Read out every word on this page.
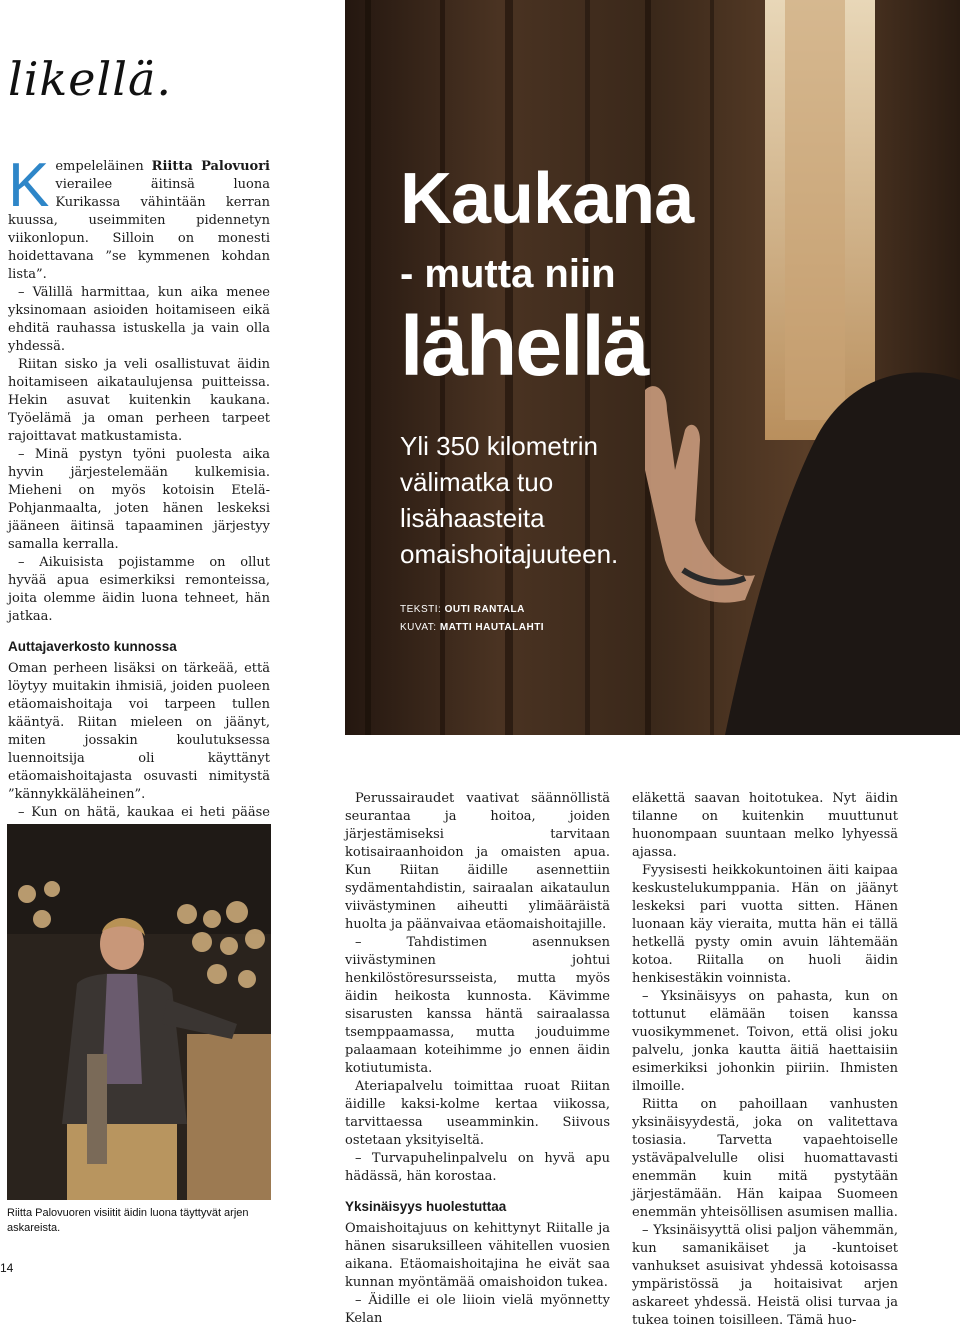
likellä.

Kempeleläinen Riitta Palovuori vierailee äitinsä luona Kurikassa vähintään kerran kuussa, useimmiten pidennetyn viikonlopun. Silloin on monesti hoidettavana ”se kymmenen kohdan lista”.

– Välillä harmittaa, kun aika menee yksinomaan asioiden hoitamiseen eikä ehditä rauhassa istuskella ja vain olla yhdessä.

Riitan sisko ja veli osallistuvat äidin hoitamiseen aikataulujensa puitteissa. Hekin asuvat kuitenkin kaukana. Työelämä ja oman perheen tarpeet rajoittavat matkustamista.

– Minä pystyn työni puolesta aika hyvin järjestelemään kulkemisia. Mieheni on myös kotoisin Etelä-Pohjanmaalta, joten hänen leskeksi jääneen äitinsä tapaaminen järjestyy samalla kerralla.

– Aikuisista pojistamme on ollut hyvää apua esimerkiksi remonteissa, joita olemme äidin luona tehneet, hän jatkaa.

Auttajaverkosto kunnossa

Oman perheen lisäksi on tärkeää, että löytyy muitakin ihmisiä, joiden puoleen etäomaishoitaja voi tarpeen tullen kääntyä. Riitan mieleen on jäänyt, miten jossakin koulutuksessa luennoitsija oli käyttänyt etäomaishoitajasta osuvasti nimitystä ”kännykkäläheinen”.

– Kun on hätä, kaukaa ei heti pääse

Kaukana
- mutta niin
lähellä
Yli 350 kilometrin välimatka tuo lisähaasteita omaishoitajuuteen.
TEKSTI: OUTI RANTALA
KUVAT: MATTI HAUTALAHTI
Riitta Palovuoren visiitit äidin luona täyttyvät arjen askareista.

Perussairaudet vaativat säännöllistä seurantaa ja hoitoa, joiden järjestämiseksi tarvitaan kotisairaanhoidon ja omaisten apua. Kun Riitan äidille asennettiin sydämentahdistin, sairaalan aikataulun viivästyminen aiheutti ylimääräistä huolta ja päänvaivaa etäomaishoitajille.

– Tahdistimen asennuksen viivästyminen johtui henkilöstöresursseista, mutta myös äidin heikosta kunnosta. Kävimme sisarusten kanssa häntä sairaalassa tsemppaamassa, mutta jouduimme palaamaan koteihimme jo ennen äidin kotiutumista.

Ateriapalvelu toimittaa ruoat Riitan äidille kaksi-kolme kertaa viikossa, tarvittaessa useamminkin. Siivous ostetaan yksityiseltä.

– Turvapuhelinpalvelu on hyvä apu hädässä, hän korostaa.

Yksinäisyys huolestuttaa

Omaishoitajuus on kehittynyt Riitalle ja hänen sisaruksilleen vähitellen vuosien aikana. Etäomaishoitajina he eivät saa kunnan myöntämää omaishoidon tukea.

– Äidille ei ole liioin vielä myönnetty Kelan

eläkettä saavan hoitotukea. Nyt äidin tilanne on kuitenkin muuttunut huonompaan suuntaan melko lyhyessä ajassa.

Fyysisesti heikkokuntoinen äiti kaipaa keskustelukumppania. Hän on jäänyt leskeksi pari vuotta sitten. Hänen luonaan käy vieraita, mutta hän ei tällä hetkellä pysty omin avuin lähtemään kotoa. Riitalla on huoli äidin henkisestäkin voinnista.

– Yksinäisyys on pahasta, kun on tottunut elämään toisen kanssa vuosikymmenet. Toivon, että olisi joku palvelu, jonka kautta äitiä haettaisiin esimerkiksi johonkin piiriin. Ihmisten ilmoille.

Riitta on pahoillaan vanhusten yksinäisyydestä, joka on valitettava tosiasia. Tarvetta vapaehtoiselle ystäväpalvelulle olisi huomattavasti enemmän kuin mitä pystytään järjestämään. Hän kaipaa Suomeen enemmän yhteisöllisen asumisen mallia.

– Yksinäisyyttä olisi paljon vähemmän, kun samanikäiset ja -kuntoiset vanhukset asuisivat yhdessä kotoisassa ympäristössä ja hoitaisivat arjen askareet yhdessä. Heistä olisi turvaa ja tukea toinen toisilleen. Tämä huo-

14
